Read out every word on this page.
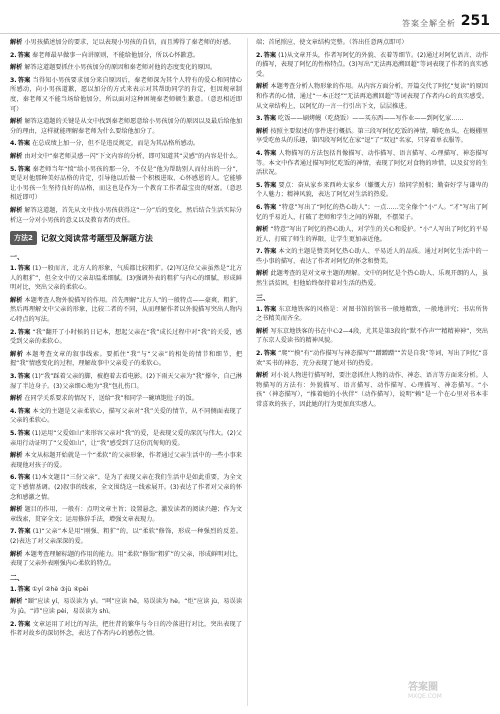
答案全解全析 251
解析 小男孩描述加分的要求，足以表现小男孩的自信，而且博得了秦老师的好感。
2.答案 秦老师最早做事一向讲原则，不能给他加分，所以心怀歉意。
解析 解答这道题要抓住小男孩加分的原因和秦老师对他的态度变化的原因。
3.答案 当得知小男孩要求加分来自原因后，秦老师深为其个人特有的爱心和同情心所感动，向小男孩道歉，愿以加分的方式来表示对其帮助同学的肯定，但因规章制度，秦老师又不能当场给他加分，所以面对这种困境秦老师顿生歉意。（意思相近即可）
解析 解答这道题的关键是从文中找到秦老师愿意给小男孩加分的原因以及最后给他加分的理由，这样就能理解秦老师为什么要给他加分了。
4.答案 在总成绩上加一分，但不是违反规定，而是为其品格所感动。
解析 由对文中“秦老师灵感一闪”下文内容的分析，即可知道其“灵感”的内容是什么。
5.答案 秦老师当年“愤”给小男孩的那一分，不仅是“他为帮助别人而付出的一分”，更是对他那种美好品格的肯定，引导他以后做一个积极进取、心怀感恩的人。它能够让小男孩一生坚持良好的品格，而这也是作为一个教育工作者最宝贵的财富。（意思相近即可）
解析 解答这道题，首先从文中找小男孩获得这“一分”后的变化，然后结合生活实际分析这一分对小男孩的意义以及教育者的责任。
方法2	记叙文阅读常考题型及解题方法
一、
1.答案 (1)一般而言，北方人的形象，气质都比较粗犷。(2)写这位父亲虽然是“北方人的粗犷”，但全文中的父亲却温柔细腻。(3)强调外表的粗犷与内心的细腻，形成鲜明对比，突出父亲的柔软心。
解析 本题考查人物外貌描写的作用。首先理解“北方人”的一般特点——豪爽、粗犷，然后再理解文中父亲的形象，比较二者的不同，从而理解作者以外貌描写突出人物内心特点的写法。
2.答案 “我”翻开了小时候的日记本，想起父亲在“我”成长过程中对“我”的关爱，感受到父亲的柔软心。
解析 本题考查文章的叙事线索。要抓住“我”与“父亲”的相处的情节和细节，把握“我”情感变化的过程，理解故事中父亲爱子的柔软心。
3.答案 (1)“我”踩着父亲的脚，被抱着去看电影。(2)下雨天父亲为“我”撑伞，自己淋湿了半边身子。(3)父亲细心地为“我”包扎伤口。
解析 在同学关系要求的情况下，送给“我”和同学一碗填饱肚子的饭。
4.答案 本文的主题是父亲柔软心，描写父亲对“我”关爱的情节，从不同侧面表现了父亲的柔软心。
5.答案 (1)运用“父爱如山”来形容父亲对“我”的爱，是表现父爱的深沉与伟大。(2)父亲用行动证明了“父爱如山”，让“我”感受到了这份沉甸甸的爱。
解析 本文从标题开始就是一个“柔软”的父亲形象，作者通过父亲生活中的一些小事来表现他对孩子的爱。
6.答案 (1)本文题目“三份父亲”，是为了表现父亲在我们生活中是如此重要，为全文定下感情基调。(2)叙事的线索，全文围绕这一线索展开。(3)表达了作者对父亲的怀念和感激之情。
解析 题目的作用，一般有：点明文章主旨；设置悬念，激发读者的阅读兴趣；作为文章线索，贯穿全文；运用修辞手法，增强文章表现力。
7.答案 (1)“父亲”本是用“刚强、粗犷”的，以“柔软”修饰，形成一种强烈的反差。(2)表达了对父亲深深的爱。
解析 本题考查理解标题的作用的能力。用“柔软”修饰“粗犷”的父亲，形成鲜明对比，表现了父亲外表刚强内心柔软的特点。
二、
1.答案 ①yí ②hè ③jù ④pèi
解析 “颐”应读 yí，易误读为 yì。“呵”应读 hē，易误读为 hè。“炬”应读 jù，易误读为 jǜ。“沛”应读 pèi，易误读为 shì。
2.答案 文章运用了对比的写法，把往昔的繁华与今日的冷落进行对比，突出表现了作者对故乡的深切怀念，表达了作者内心的感伤之情。
端；首尾照应，使文章结构完整。（答出任意两点即可）
2.答案 (1)从文章开头，作者写阿忆的外貌、衣着等细节。(2)通过对阿忆语言、动作的描写，表现了阿忆的性格特点。(3)写出“无法再追溯回超”等词表现了作者的真实感受。
解析 本题考查分析人物形象的作用。从内容方面分析，开篇交代了阿忆“复读”的原因和作者的心情，通过“一本正经”“无法再追溯回超”等词表现了作者内心的真实感受。从文章结构上，以阿忆的一言一行引出下文，层层推进。
3.答案 吃饭——刷烤鳗（吃烧饭）——买东西——写作业——到阿忆家……
解析 按照主要叙述的事件进行概括。第三段写阿忆吃饭的神情，嚼吃鱼头，在鳗棚里享受吃鱼头的乐趣，第四段写阿忆在家“逗”了“双冠”名家，只穿着单衣服等。
4.答案 人物描写的方法包括肖像描写、动作描写、语言描写、心理描写、神态描写等。本文中作者通过描写阿忆吃饭的神情，表现了阿忆对食物的珍惜，以及贫穷的生活状况。
5.答案 要点：奋从家乡来西岭太家乡（嫌慨大方）给同学照相；勤奋好学与谦卑的个人魅力；精神风貌，表达了阿忆对生活的热爱。
6.答案 “特意”写出了“阿忆的热心助人”；一点……完全像个“小”人。“才”写出了阿忆的乎易近人，打破了老师和学生之间的界限，不摆架子。
解析 “特意”写出了阿忆的热心助人，对学生的关心和爱护。“小”人写出了阿忆的平易近人，打破了师生的界限，让学生更加亲近他。
7.答案 本文的主题是赞美阿忆热心助人、平易近人的品质。通过对阿忆生活中的一些小事的描写，表达了作者对阿忆的怀念和赞美。
解析 此题考查的是对文章主题的理解。文中的阿忆是个热心助人、乐观开朗的人，虽然生活贫困，但他始终保持着对生活的热爱。
三、
1.答案 东京地铁客的风格是：对图书馆的馆书一般地精致，一般地讲究；书店所售之书精美而齐全。
解析 写东京地铁客的书在中心2—4段，尤其是第3段的“默不作声”“精精神神”，突出了东京人爱读书的精神风貌。
2.答案 “爬”“摸”有“动作描写与神态描写”“蹭蹭蹭”“苦是自我”等词，写出了阿忆“喜欢”买书的神态，充分表现了她对书的热爱。
解析 对小说人物进行描写时，要注意抓住人物的动作、神态、语言等方面来分析。人物描写的方法有：外貌描写、语言描写、动作描写、心理描写、神态描写。“小孩”（神态描写），“推着她的小伙伴”（动作描写），说明“赖”是一个在心里对书本非常喜欢的孩子，因此她的行为更加真实感人。
答案圈
MXQE.COM
